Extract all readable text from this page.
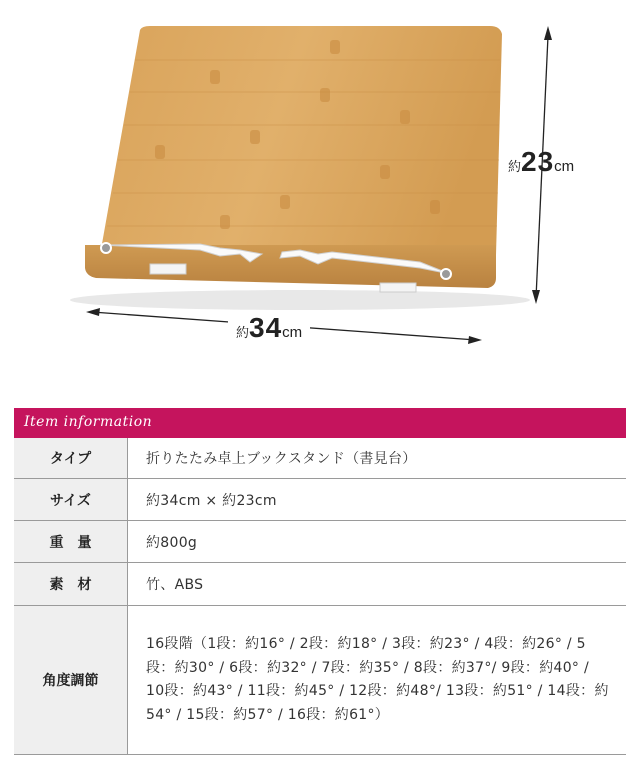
約23cm
約34cm
Item information
タイプ	折りたたみ卓上ブックスタンド（書見台）
サイズ	約34cm × 約23cm
重　量	約800g
素　材	竹、ABS
角度調節	16段階（1段：約16° / 2段：約18° / 3段：約23° / 4段：約26° / 5段：約30° / 6段：約32° / 7段：約35° / 8段：約37°/ 9段：約40° / 10段：約43° / 11段：約45° / 12段：約48°/ 13段：約51° / 14段：約54° / 15段：約57° / 16段：約61°）
